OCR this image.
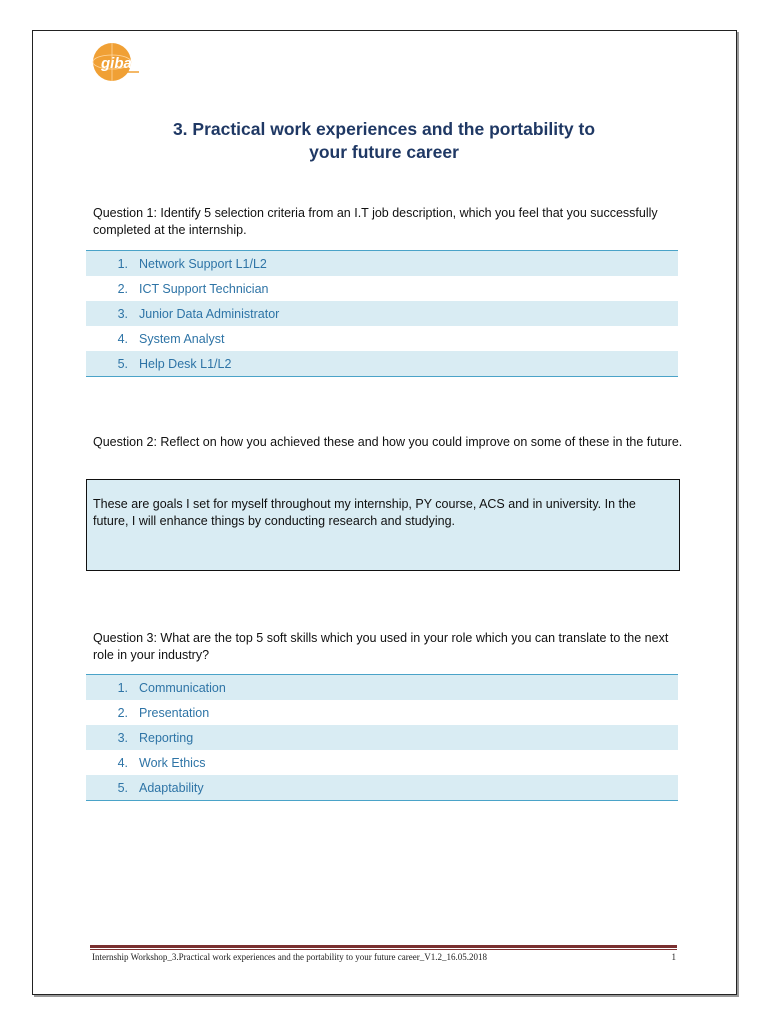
giba
3. Practical work experiences and the portability to
your future career
Question 1: Identify 5 selection criteria from an I.T job description, which you feel that you successfully completed at the internship.
1. Network Support L1/L2
2. ICT Support Technician
3. Junior Data Administrator
4. System Analyst
5. Help Desk L1/L2
Question 2: Reflect on how you achieved these and how you could improve on some of these in the future.
These are goals I set for myself throughout my internship, PY course, ACS and in university. In the future, I will enhance things by conducting research and studying.
Question 3: What are the top 5 soft skills which you used in your role which you can translate to the next role in your industry?
1. Communication
2. Presentation
3. Reporting
4. Work Ethics
5. Adaptability
Internship Workshop_3.Practical work experiences and the portability to your future career_V1.2_16.05.2018	1
